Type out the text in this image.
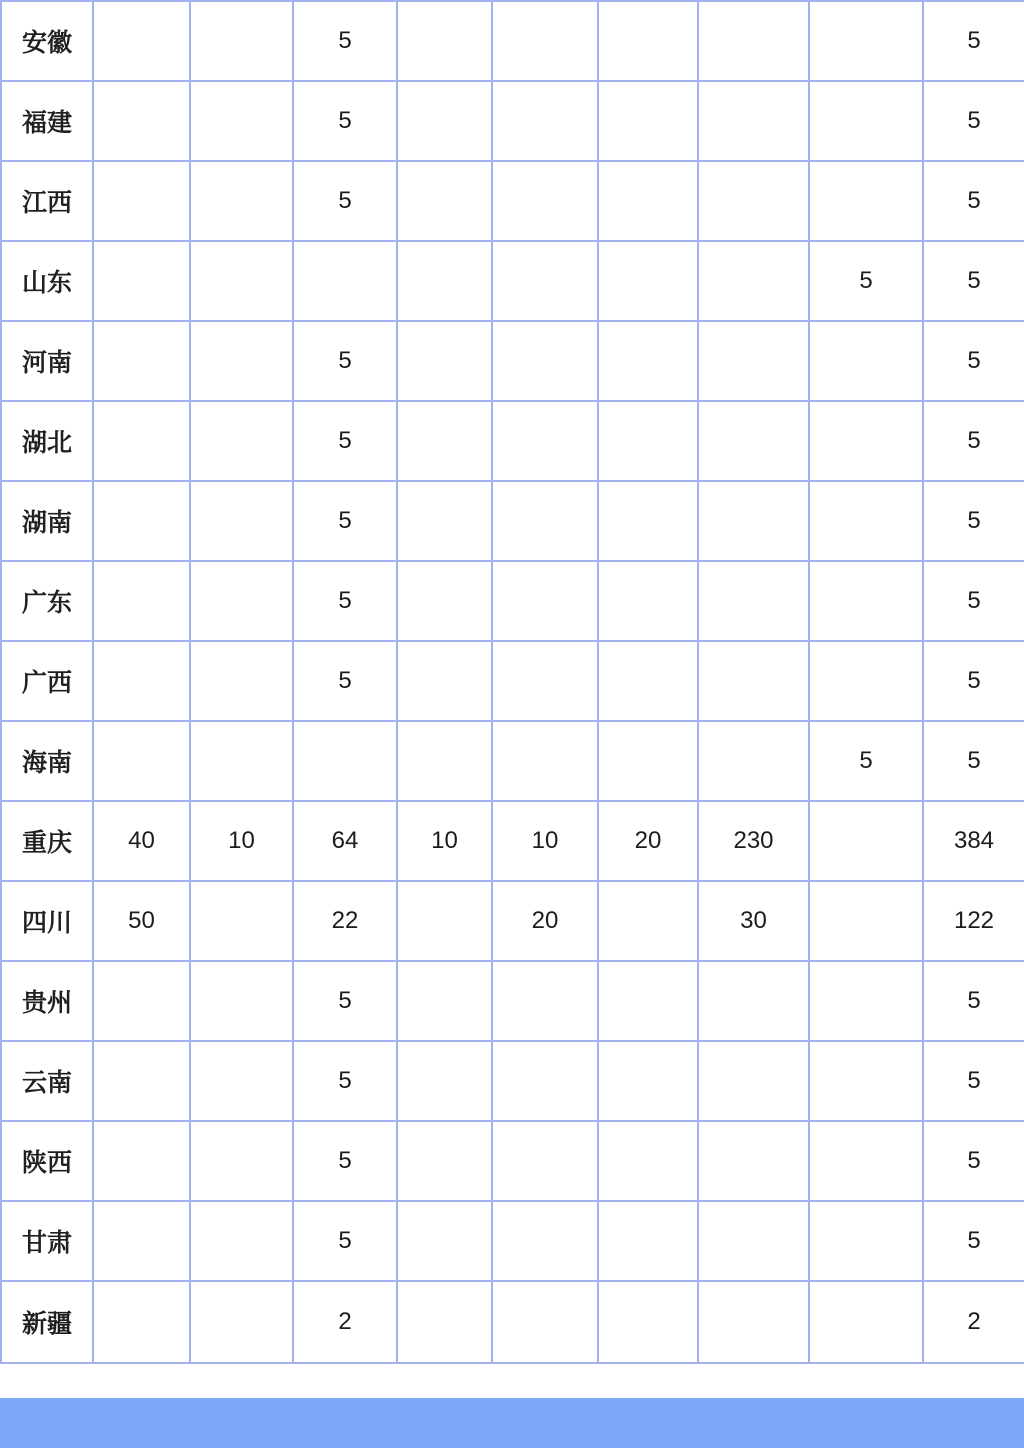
安徽			5						5
福建			5						5
江西			5						5
山东								5	5
河南			5						5
湖北			5						5
湖南			5						5
广东			5						5
广西			5						5
海南								5	5
重庆	40	10	64	10	10	20	230		384
四川	50		22		20		30		122
贵州			5						5
云南			5						5
陕西			5						5
甘肃			5						5
新疆			2						2
